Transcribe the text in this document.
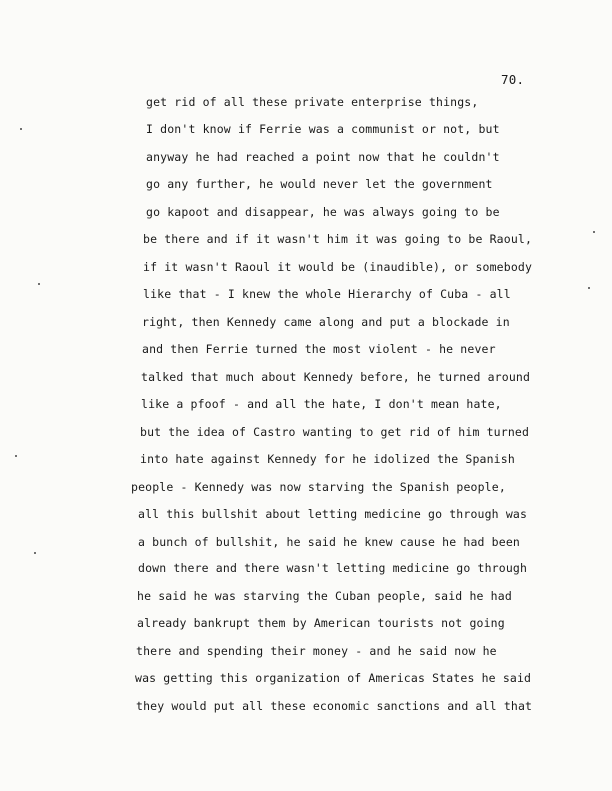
70.
get rid of all these private enterprise things,
I don't know if Ferrie was a communist or not, but
anyway he had reached a point now that he couldn't
go any further, he would never let the government
go kapoot and disappear, he was always going to be
be there and if it wasn't him it was going to be Raoul,
if it wasn't Raoul it would be (inaudible), or somebody
like that - I knew the whole Hierarchy of Cuba - all
right, then Kennedy came along and put a blockade in
and then Ferrie turned the most violent - he never
talked that much about Kennedy before, he turned around
like a pfoof - and all the hate, I don't mean hate,
but the idea of Castro wanting to get rid of him turned
into hate against Kennedy for he idolized the Spanish
people - Kennedy was now starving the Spanish people,
all this bullshit about letting medicine go through was
a bunch of bullshit, he said he knew cause he had been
down there and there wasn't letting medicine go through
he said he was starving the Cuban people, said he had
already bankrupt them by American tourists not going
there and spending their money - and he said now he
was getting this organization of Americas States he said
they would put all these economic sanctions and all that
